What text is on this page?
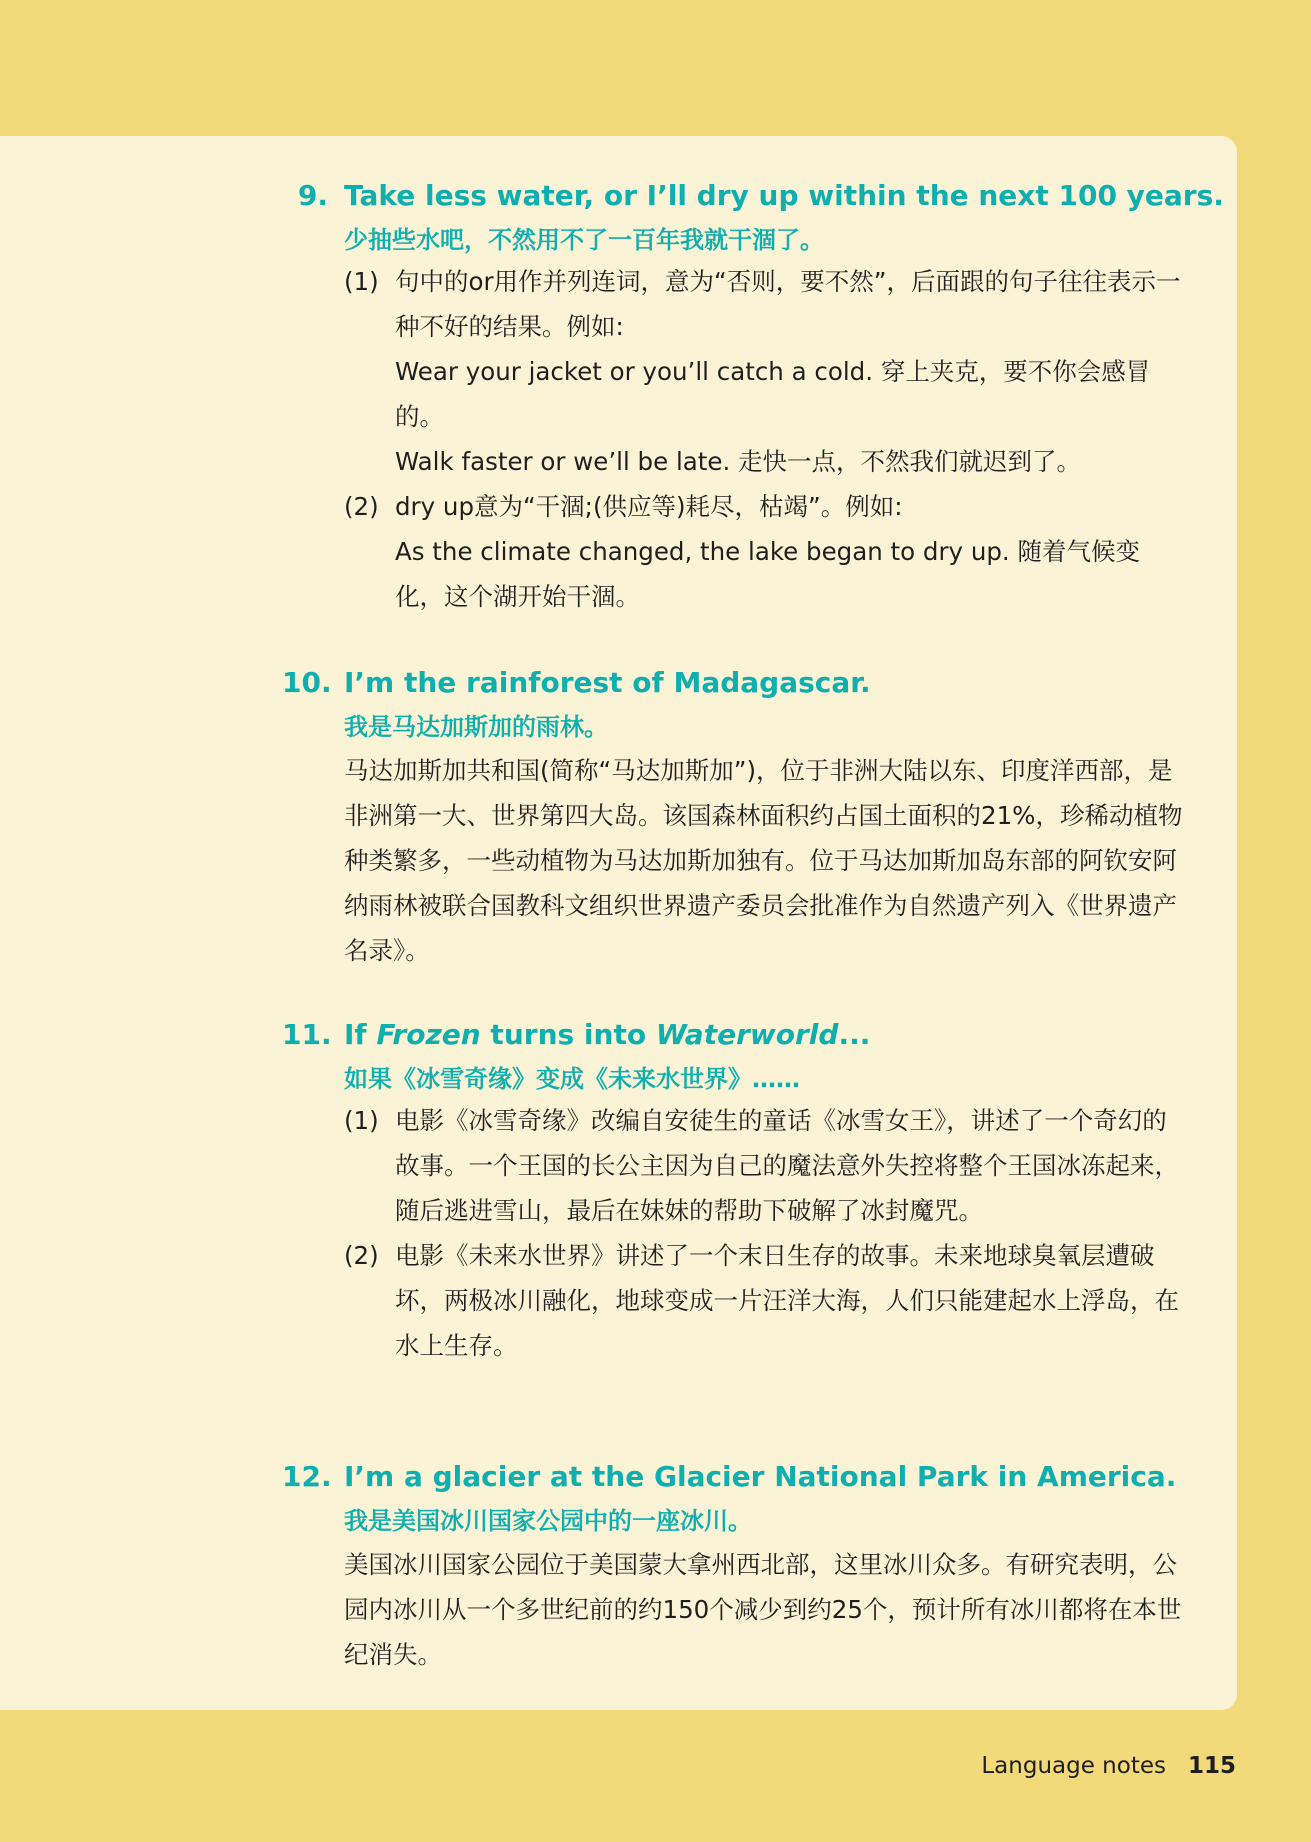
9. Take less water, or I’ll dry up within the next 100 years.
少抽些水吧，不然用不了一百年我就干涸了。
(1) 句中的or用作并列连词，意为“否则，要不然”，后面跟的句子往往表示一种不好的结果。例如:

Wear your jacket or you’ll catch a cold. 穿上夹克，要不你会感冒的。

Walk faster or we’ll be late. 走快一点，不然我们就迟到了。

(2) dry up意为“干涸;(供应等)耗尽，枯竭”。例如:

As the climate changed, the lake began to dry up. 随着气候变化，这个湖开始干涸。

10. I’m the rainforest of Madagascar.
我是马达加斯加的雨林。

马达加斯加共和国(简称“马达加斯加”)，位于非洲大陆以东、印度洋西部，是非洲第一大、世界第四大岛。该国森林面积约占国土面积的21%，珍稀动植物种类繁多，一些动植物为马达加斯加独有。位于马达加斯加岛东部的阿钦安阿纳雨林被联合国教科文组织世界遗产委员会批准作为自然遗产列入《世界遗产名录》。

11. If Frozen turns into Waterworld...
如果《冰雪奇缘》变成《未来水世界》……
(1) 电影《冰雪奇缘》改编自安徒生的童话《冰雪女王》，讲述了一个奇幻的故事。一个王国的长公主因为自己的魔法意外失控将整个王国冰冻起来，随后逃进雪山，最后在妹妹的帮助下破解了冰封魔咒。

(2) 电影《未来水世界》讲述了一个末日生存的故事。未来地球臭氧层遭破坏，两极冰川融化，地球变成一片汪洋大海，人们只能建起水上浮岛，在水上生存。

12. I’m a glacier at the Glacier National Park in America.
我是美国冰川国家公园中的一座冰川。

美国冰川国家公园位于美国蒙大拿州西北部，这里冰川众多。有研究表明，公园内冰川从一个多世纪前的约150个减少到约25个，预计所有冰川都将在本世纪消失。

Language notes 115
